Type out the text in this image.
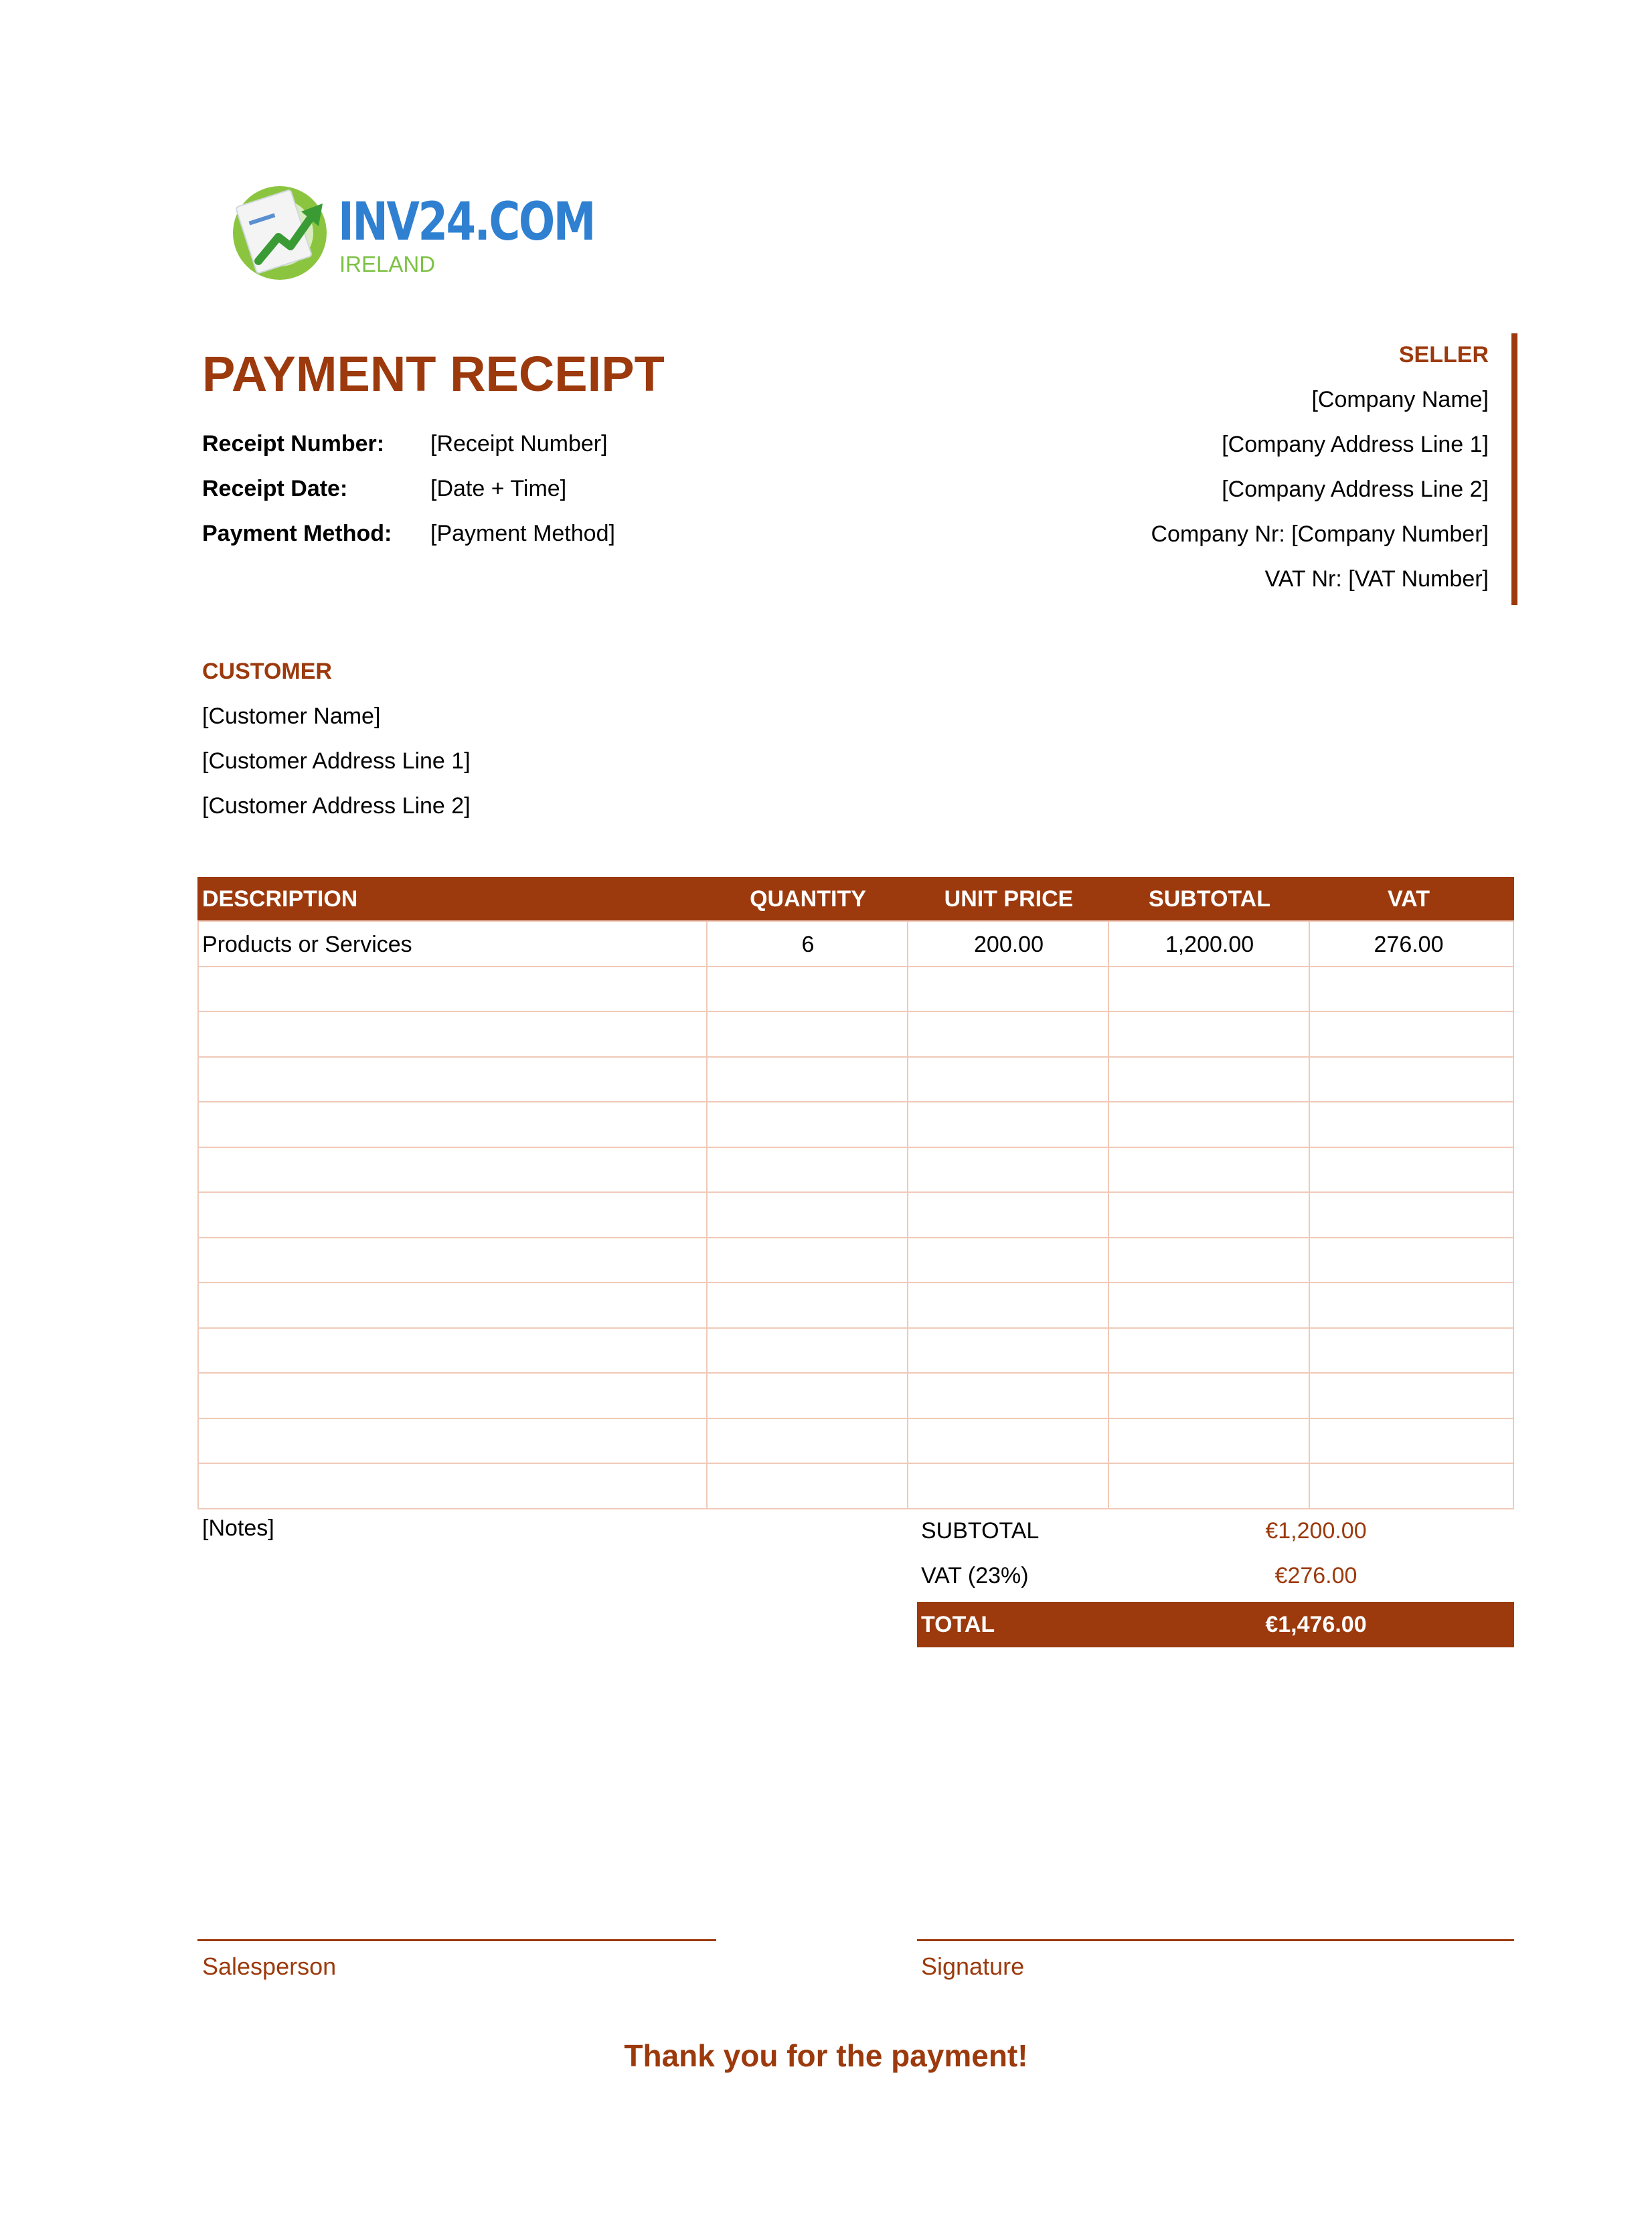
INV24.COM
IRELAND
PAYMENT RECEIPT
Receipt Number: [Receipt Number]
Receipt Date:	[Date + Time]
Payment Method: [Payment Method]
SELLER
[Company Name]
[Company Address Line 1]
[Company Address Line 2]
Company Nr: [Company Number]
VAT Nr: [VAT Number]
CUSTOMER
[Customer Name]
[Customer Address Line 1]
[Customer Address Line 2]
DESCRIPTION	QUANTITY	UNIT PRICE	SUBTOTAL	VAT
Products or Services	6	200.00	1,200.00	276.00
[Notes]	SUBTOTAL	€1,200.00
VAT (23%)	€276.00
TOTAL	€1,476.00
Salesperson	Signature
Thank you for the payment!
